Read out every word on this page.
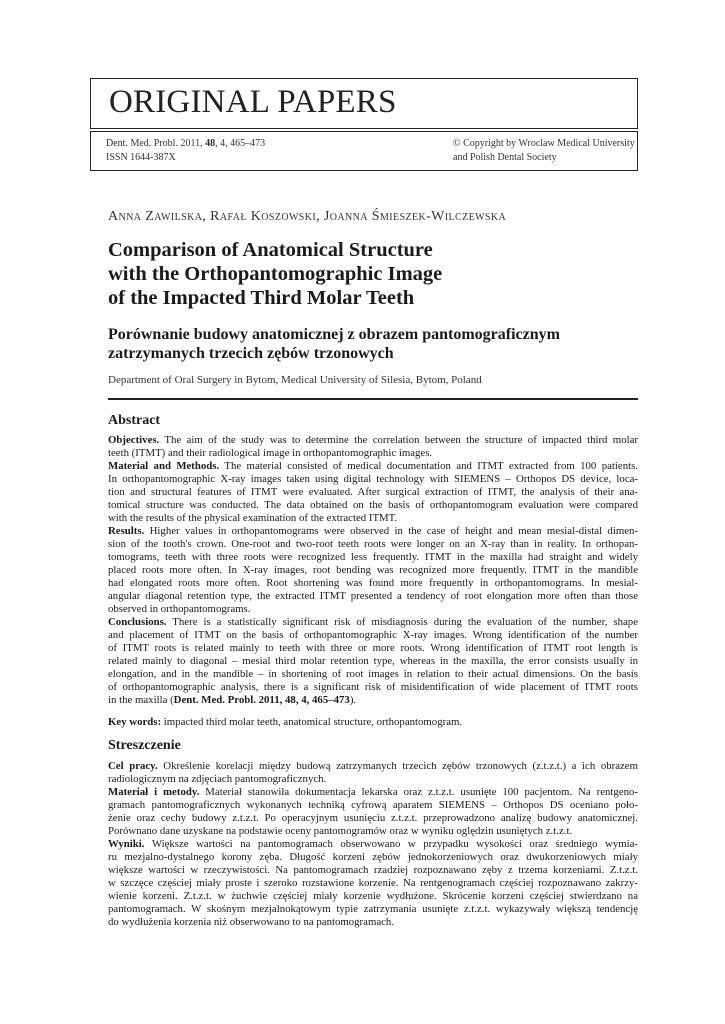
ORIGINAL PAPERS
Dent. Med. Probl. 2011, 48, 4, 465–473
ISSN 1644-387X
© Copyright by Wroclaw Medical University
and Polish Dental Society
Anna Zawilska, Rafał Koszowski, Joanna Śmieszek-Wilczewska
Comparison of Anatomical Structure
with the Orthopantomographic Image
of the Impacted Third Molar Teeth
Porównanie budowy anatomicznej z obrazem pantomograficznym
zatrzymanych trzecich zębów trzonowych
Department of Oral Surgery in Bytom, Medical University of Silesia, Bytom, Poland
Abstract
Objectives. The aim of the study was to determine the correlation between the structure of impacted third molar
teeth (ITMT) and their radiological image in orthopantomographic images.
Material and Methods. The material consisted of medical documentation and ITMT extracted from 100 patients.
In orthopantomographic X-ray images taken using digital technology with SIEMENS – Orthopos DS device, loca-
tion and structural features of ITMT were evaluated. After surgical extraction of ITMT, the analysis of their ana-
tomical structure was conducted. The data obtained on the basis of orthopantomogram evaluation were compared
with the results of the physical examination of the extracted ITMT.
Results. Higher values in orthopantomograms were observed in the case of height and mean mesial-distal dimen-
sion of the tooth's crown. One-root and two-root teeth roots were longer on an X-ray than in reality. In orthopan-
tomograms, teeth with three roots were recognized less frequently. ITMT in the maxilla had straight and widely
placed roots more often. In X-ray images, root bending was recognized more frequently. ITMT in the mandible
had elongated roots more often. Root shortening was found more frequently in orthopantomograms. In mesial-
angular diagonal retention type, the extracted ITMT presented a tendency of root elongation more often than those
observed in orthopantomograms.
Conclusions. There is a statistically significant risk of misdiagnosis during the evaluation of the number, shape
and placement of ITMT on the basis of orthopantomographic X-ray images. Wrong identification of the number
of ITMT roots is related mainly to teeth with three or more roots. Wrong identification of ITMT root length is
related mainly to diagonal – mesial third molar retention type, whereas in the maxilla, the error consists usually in
elongation, and in the mandible – in shortening of root images in relation to their actual dimensions. On the basis
of orthopantomographic analysis, there is a significant risk of misidentification of wide placement of ITMT roots
in the maxilla (Dent. Med. Probl. 2011, 48, 4, 465–473).
Key words: impacted third molar teeth, anatomical structure, orthopantomogram.
Streszczenie
Cel pracy. Określenie korelacji między budową zatrzymanych trzecich zębów trzonowych (z.t.z.t.) a ich obrazem
radiologicznym na zdjęciach pantomograficznych.
Materiał i metody. Materiał stanowiła dokumentacja lekarska oraz z.t.z.t. usunięte 100 pacjentom. Na rentgeno-
gramach pantomograficznych wykonanych techniką cyfrową aparatem SIEMENS – Orthopos DS oceniano poło-
żenie oraz cechy budowy z.t.z.t. Po operacyjnym usunięciu z.t.z.t. przeprowadzono analizę budowy anatomicznej.
Porównano dane uzyskane na podstawie oceny pantomogramów oraz w wyniku oględzin usuniętych z.t.z.t.
Wyniki. Większe wartości na pantomogramach obserwowano w przypadku wysokości oraz średniego wymia-
ru mezjalno-dystalnego korony zęba. Długość korzeni zębów jednokorzeniowych oraz dwukorzeniowych miały
większe wartości w rzeczywistości. Na pantomogramach rzadziej rozpoznawano zęby z trzema korzeniami. Z.t.z.t.
w szczęce częściej miały proste i szeroko rozstawione korzenie. Na rentgenogramach częściej rozpoznawano zakrzy-
wienie korzeni. Z.t.z.t. w żuchwie częściej miały korzenie wydłużone. Skrócenie korzeni częściej stwierdzano na
pantomogramach. W skośnym mezjalnokątowym typie zatrzymania usunięte z.t.z.t. wykazywały większą tendencję
do wydłużenia korzenia niż obserwowano to na pantomogramach.
